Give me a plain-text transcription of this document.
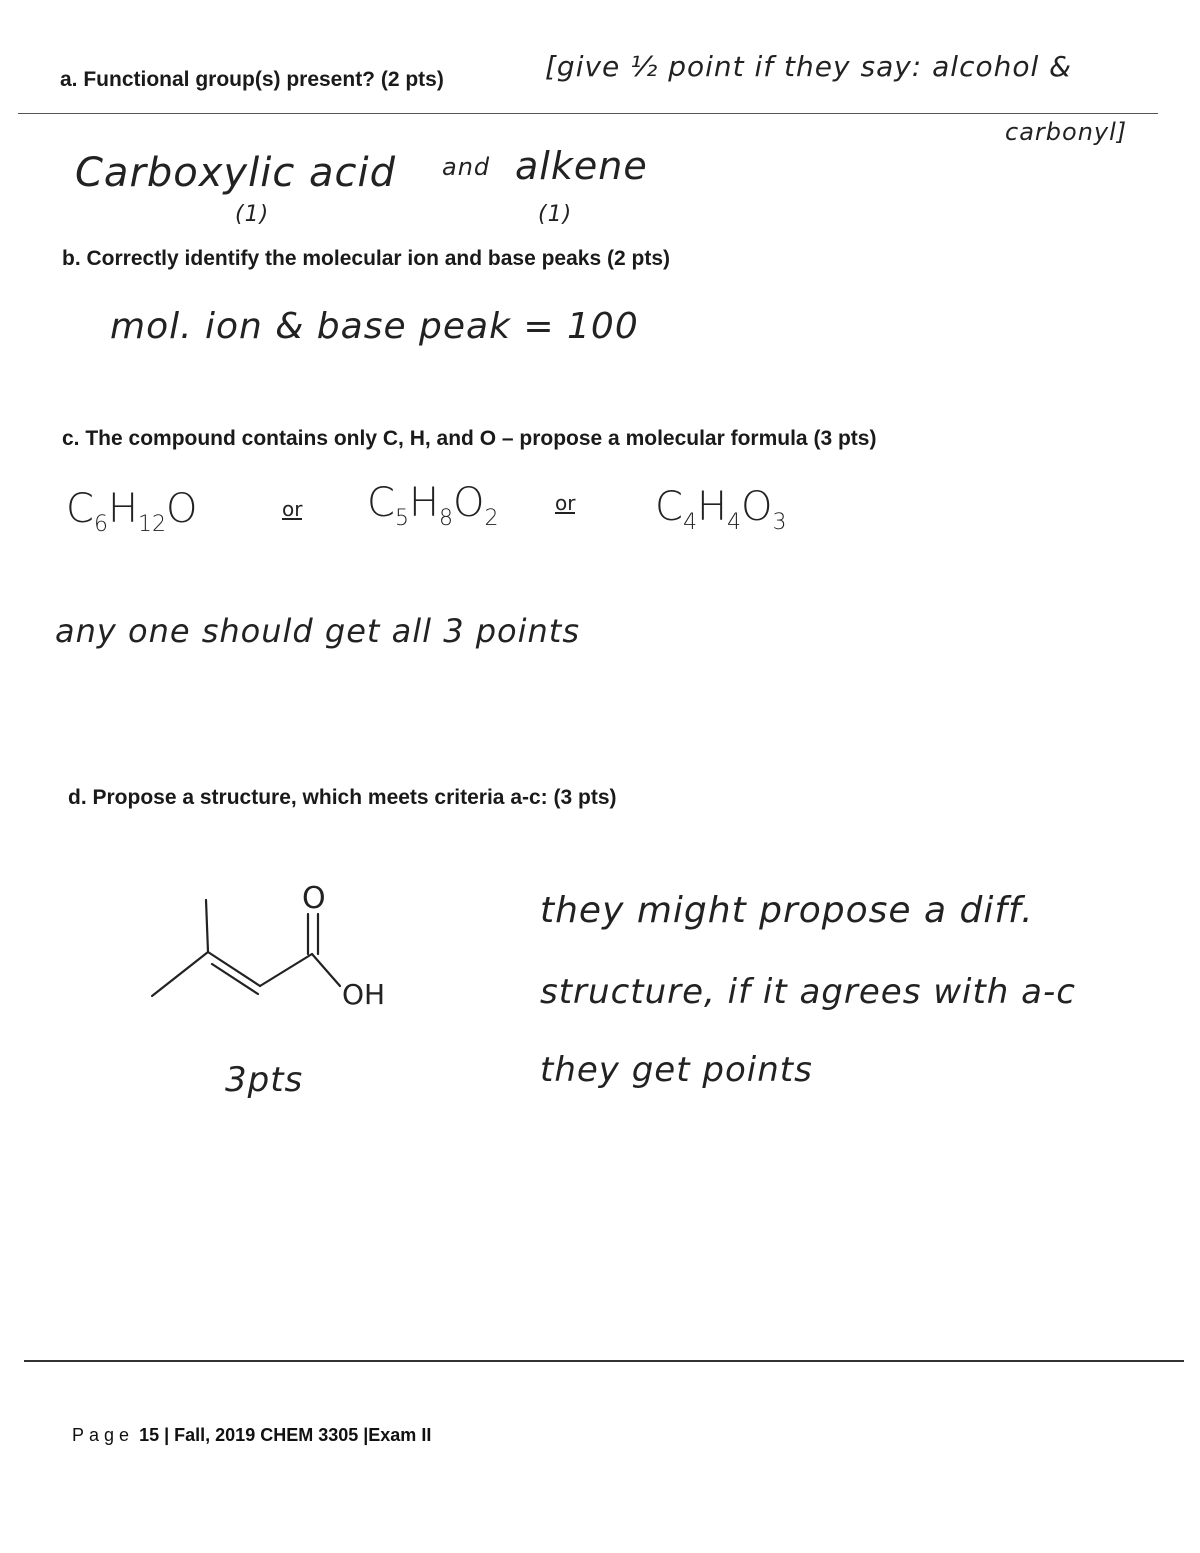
a. Functional group(s) present? (2 pts)	[give ½ point if they say: alcohol &
carbonyl]
Carboxylic acid and alkene
(1)	(1)
b. Correctly identify the molecular ion and base peaks (2 pts)
mol. ion & base peak = 100
c. The compound contains only C, H, and O – propose a molecular formula (3 pts)
$C_6H_{12}O$	or $C_5H_8O_2$
or $C_4H_4O_3$
any one should get all 3 points
d. Propose a structure, which meets criteria a-c: (3 pts)
O
OH
3pts
they might propose a diff.
structure, if it agrees with a-c
they get points
Page 15 | Fall, 2019 CHEM 3305 |Exam II
